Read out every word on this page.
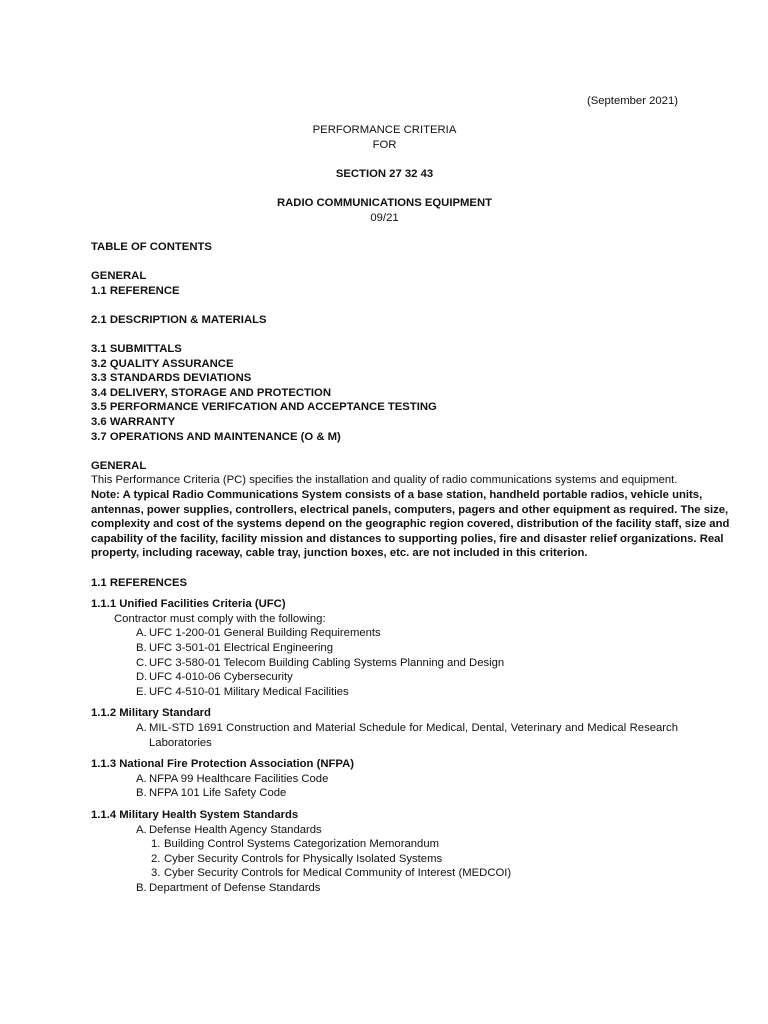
(September 2021)
PERFORMANCE CRITERIA
FOR
SECTION 27 32 43
RADIO COMMUNICATIONS EQUIPMENT
09/21
TABLE OF CONTENTS
GENERAL
1.1 REFERENCE
2.1 DESCRIPTION & MATERIALS
3.1 SUBMITTALS
3.2 QUALITY ASSURANCE
3.3 STANDARDS DEVIATIONS
3.4 DELIVERY, STORAGE AND PROTECTION
3.5 PERFORMANCE VERIFCATION AND ACCEPTANCE TESTING
3.6 WARRANTY
3.7 OPERATIONS AND MAINTENANCE (O & M)
GENERAL
This Performance Criteria (PC) specifies the installation and quality of radio communications systems and equipment.
Note: A typical Radio Communications System consists of a base station, handheld portable radios, vehicle units,
antennas, power supplies, controllers, electrical panels, computers, pagers and other equipment as required. The size,
complexity and cost of the systems depend on the geographic region covered, distribution of the facility staff, size and
capability of the facility, facility mission and distances to supporting polies, fire and disaster relief organizations. Real
property, including raceway, cable tray, junction boxes, etc. are not included in this criterion.
1.1 REFERENCES
1.1.1 Unified Facilities Criteria (UFC)
Contractor must comply with the following:
A. UFC 1-200-01 General Building Requirements
B. UFC 3-501-01 Electrical Engineering
C. UFC 3-580-01 Telecom Building Cabling Systems Planning and Design
D. UFC 4-010-06 Cybersecurity
E. UFC 4-510-01 Military Medical Facilities
1.1.2 Military Standard
A. MIL-STD 1691 Construction and Material Schedule for Medical, Dental, Veterinary and Medical Research Laboratories
1.1.3 National Fire Protection Association (NFPA)
A. NFPA 99 Healthcare Facilities Code
B. NFPA 101 Life Safety Code
1.1.4 Military Health System Standards
A. Defense Health Agency Standards
1. Building Control Systems Categorization Memorandum
2. Cyber Security Controls for Physically Isolated Systems
3. Cyber Security Controls for Medical Community of Interest (MEDCOI)
B. Department of Defense Standards
